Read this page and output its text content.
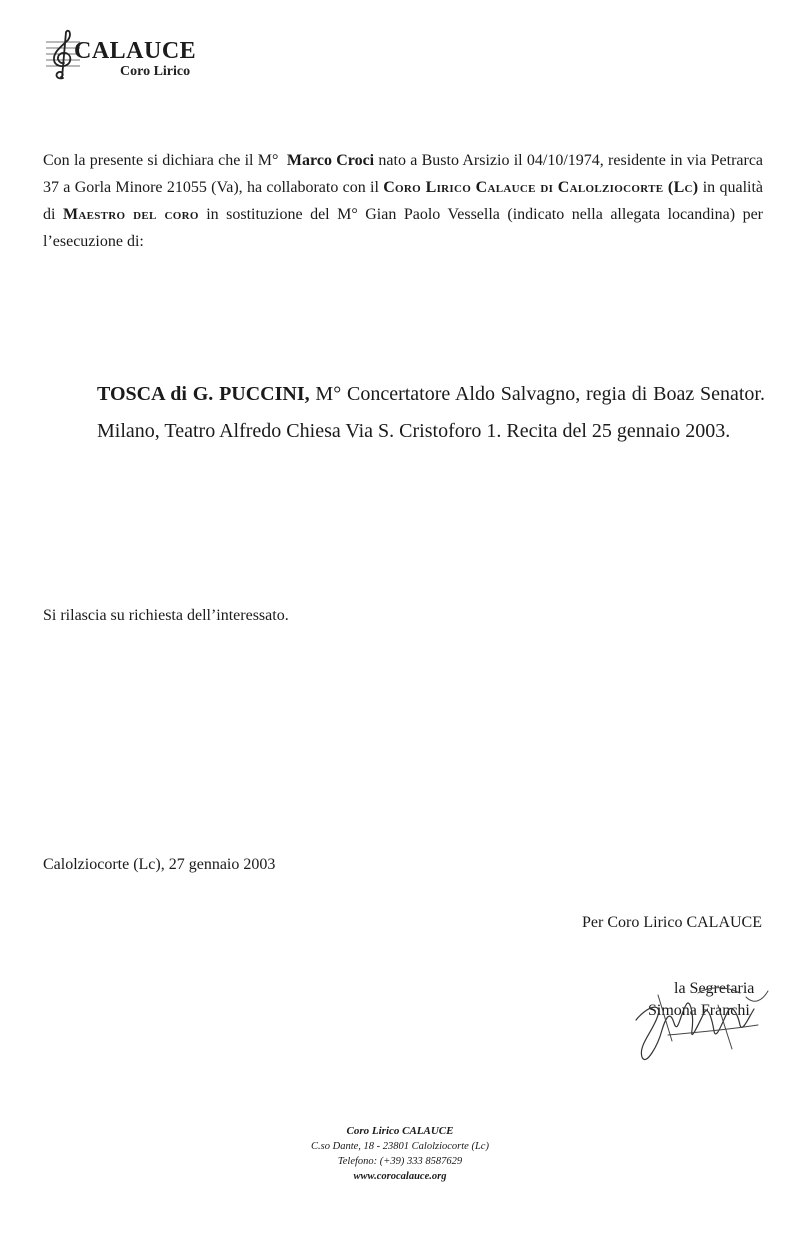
CALAUCE
Coro Lirico
Con la presente si dichiara che il M° Marco Croci nato a Busto Arsizio il 04/10/1974, residente in via Petrarca 37 a Gorla Minore 21055 (Va), ha collaborato con il Coro Lirico Calauce di Calolziocorte (Lc) in qualità di Maestro del coro in sostituzione del M° Gian Paolo Vessella (indicato nella allegata locandina) per l’esecuzione di:
TOSCA di G. PUCCINI, M° Concertatore Aldo Salvagno, regia di Boaz Senator. Milano, Teatro Alfredo Chiesa Via S. Cristoforo 1. Recita del 25 gennaio 2003.
Si rilascia su richiesta dell’interessato.
Calolziocorte (Lc), 27 gennaio 2003
Per Coro Lirico CALAUCE
la Segretaria
Simona Franchi
Coro Lirico CALAUCE
C.so Dante, 18 - 23801 Calolziocorte (Lc)
Telefono: (+39) 333 8587629
www.corocalauce.org
